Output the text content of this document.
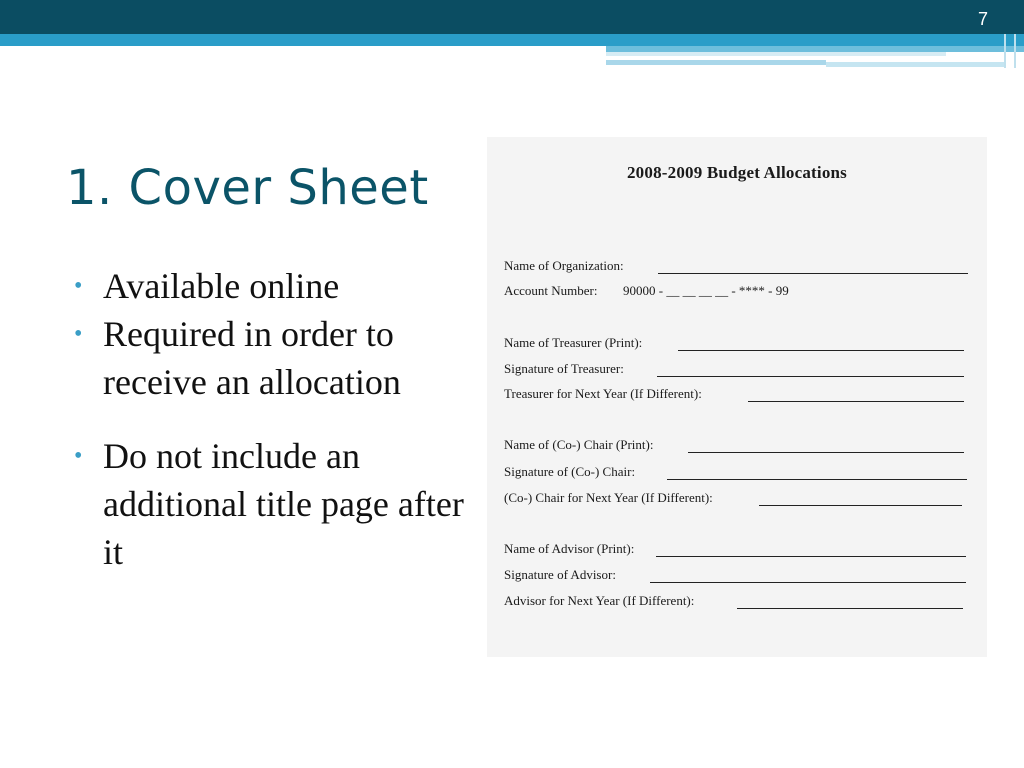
7
1. Cover Sheet
• Available online
• Required in order to receive an allocation
• Do not include an additional title page after it
2008-2009 Budget Allocations
Name of Organization:
Account Number: 90000 - __ __ __ __ - **** - 99
Name of Treasurer (Print):
Signature of Treasurer:
Treasurer for Next Year (If Different):
Name of (Co-) Chair (Print):
Signature of (Co-) Chair:
(Co-) Chair for Next Year (If Different):
Name of Advisor (Print):
Signature of Advisor:
Advisor for Next Year (If Different):
